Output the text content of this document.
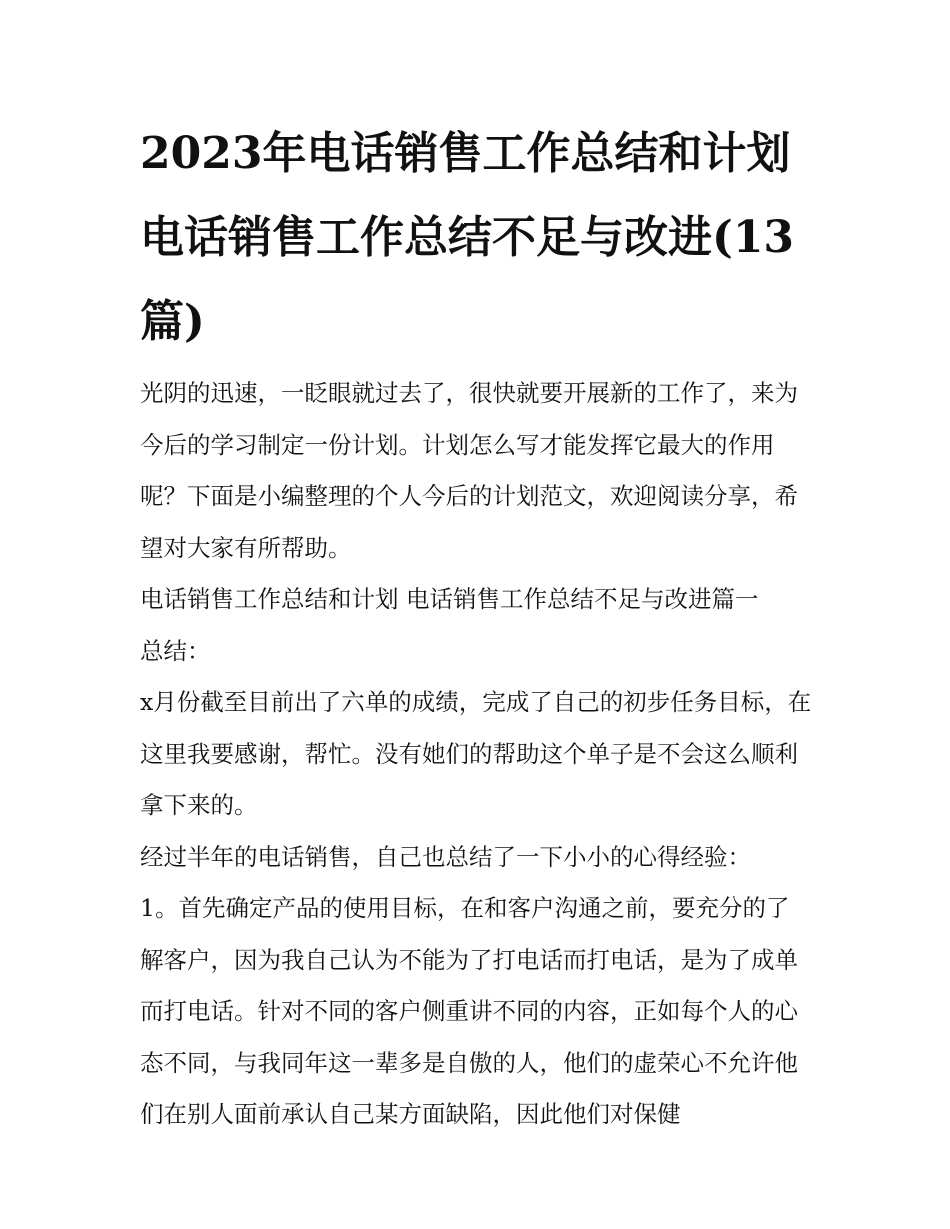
2023年电话销售工作总结和计划 电话销售工作总结不足与改进(13篇)

光阴的迅速，一眨眼就过去了，很快就要开展新的工作了，来为今后的学习制定一份计划。计划怎么写才能发挥它最大的作用呢？下面是小编整理的个人今后的计划范文，欢迎阅读分享，希望对大家有所帮助。

电话销售工作总结和计划 电话销售工作总结不足与改进篇一

总结：

x月份截至目前出了六单的成绩，完成了自己的初步任务目标，在这里我要感谢，帮忙。没有她们的帮助这个单子是不会这么顺利拿下来的。

经过半年的电话销售，自己也总结了一下小小的心得经验：

1。首先确定产品的使用目标，在和客户沟通之前，要充分的了解客户，因为我自己认为不能为了打电话而打电话，是为了成单而打电话。针对不同的客户侧重讲不同的内容，正如每个人的心态不同，与我同年这一辈多是自傲的人，他们的虚荣心不允许他们在别人面前承认自己某方面缺陷，因此他们对保健
